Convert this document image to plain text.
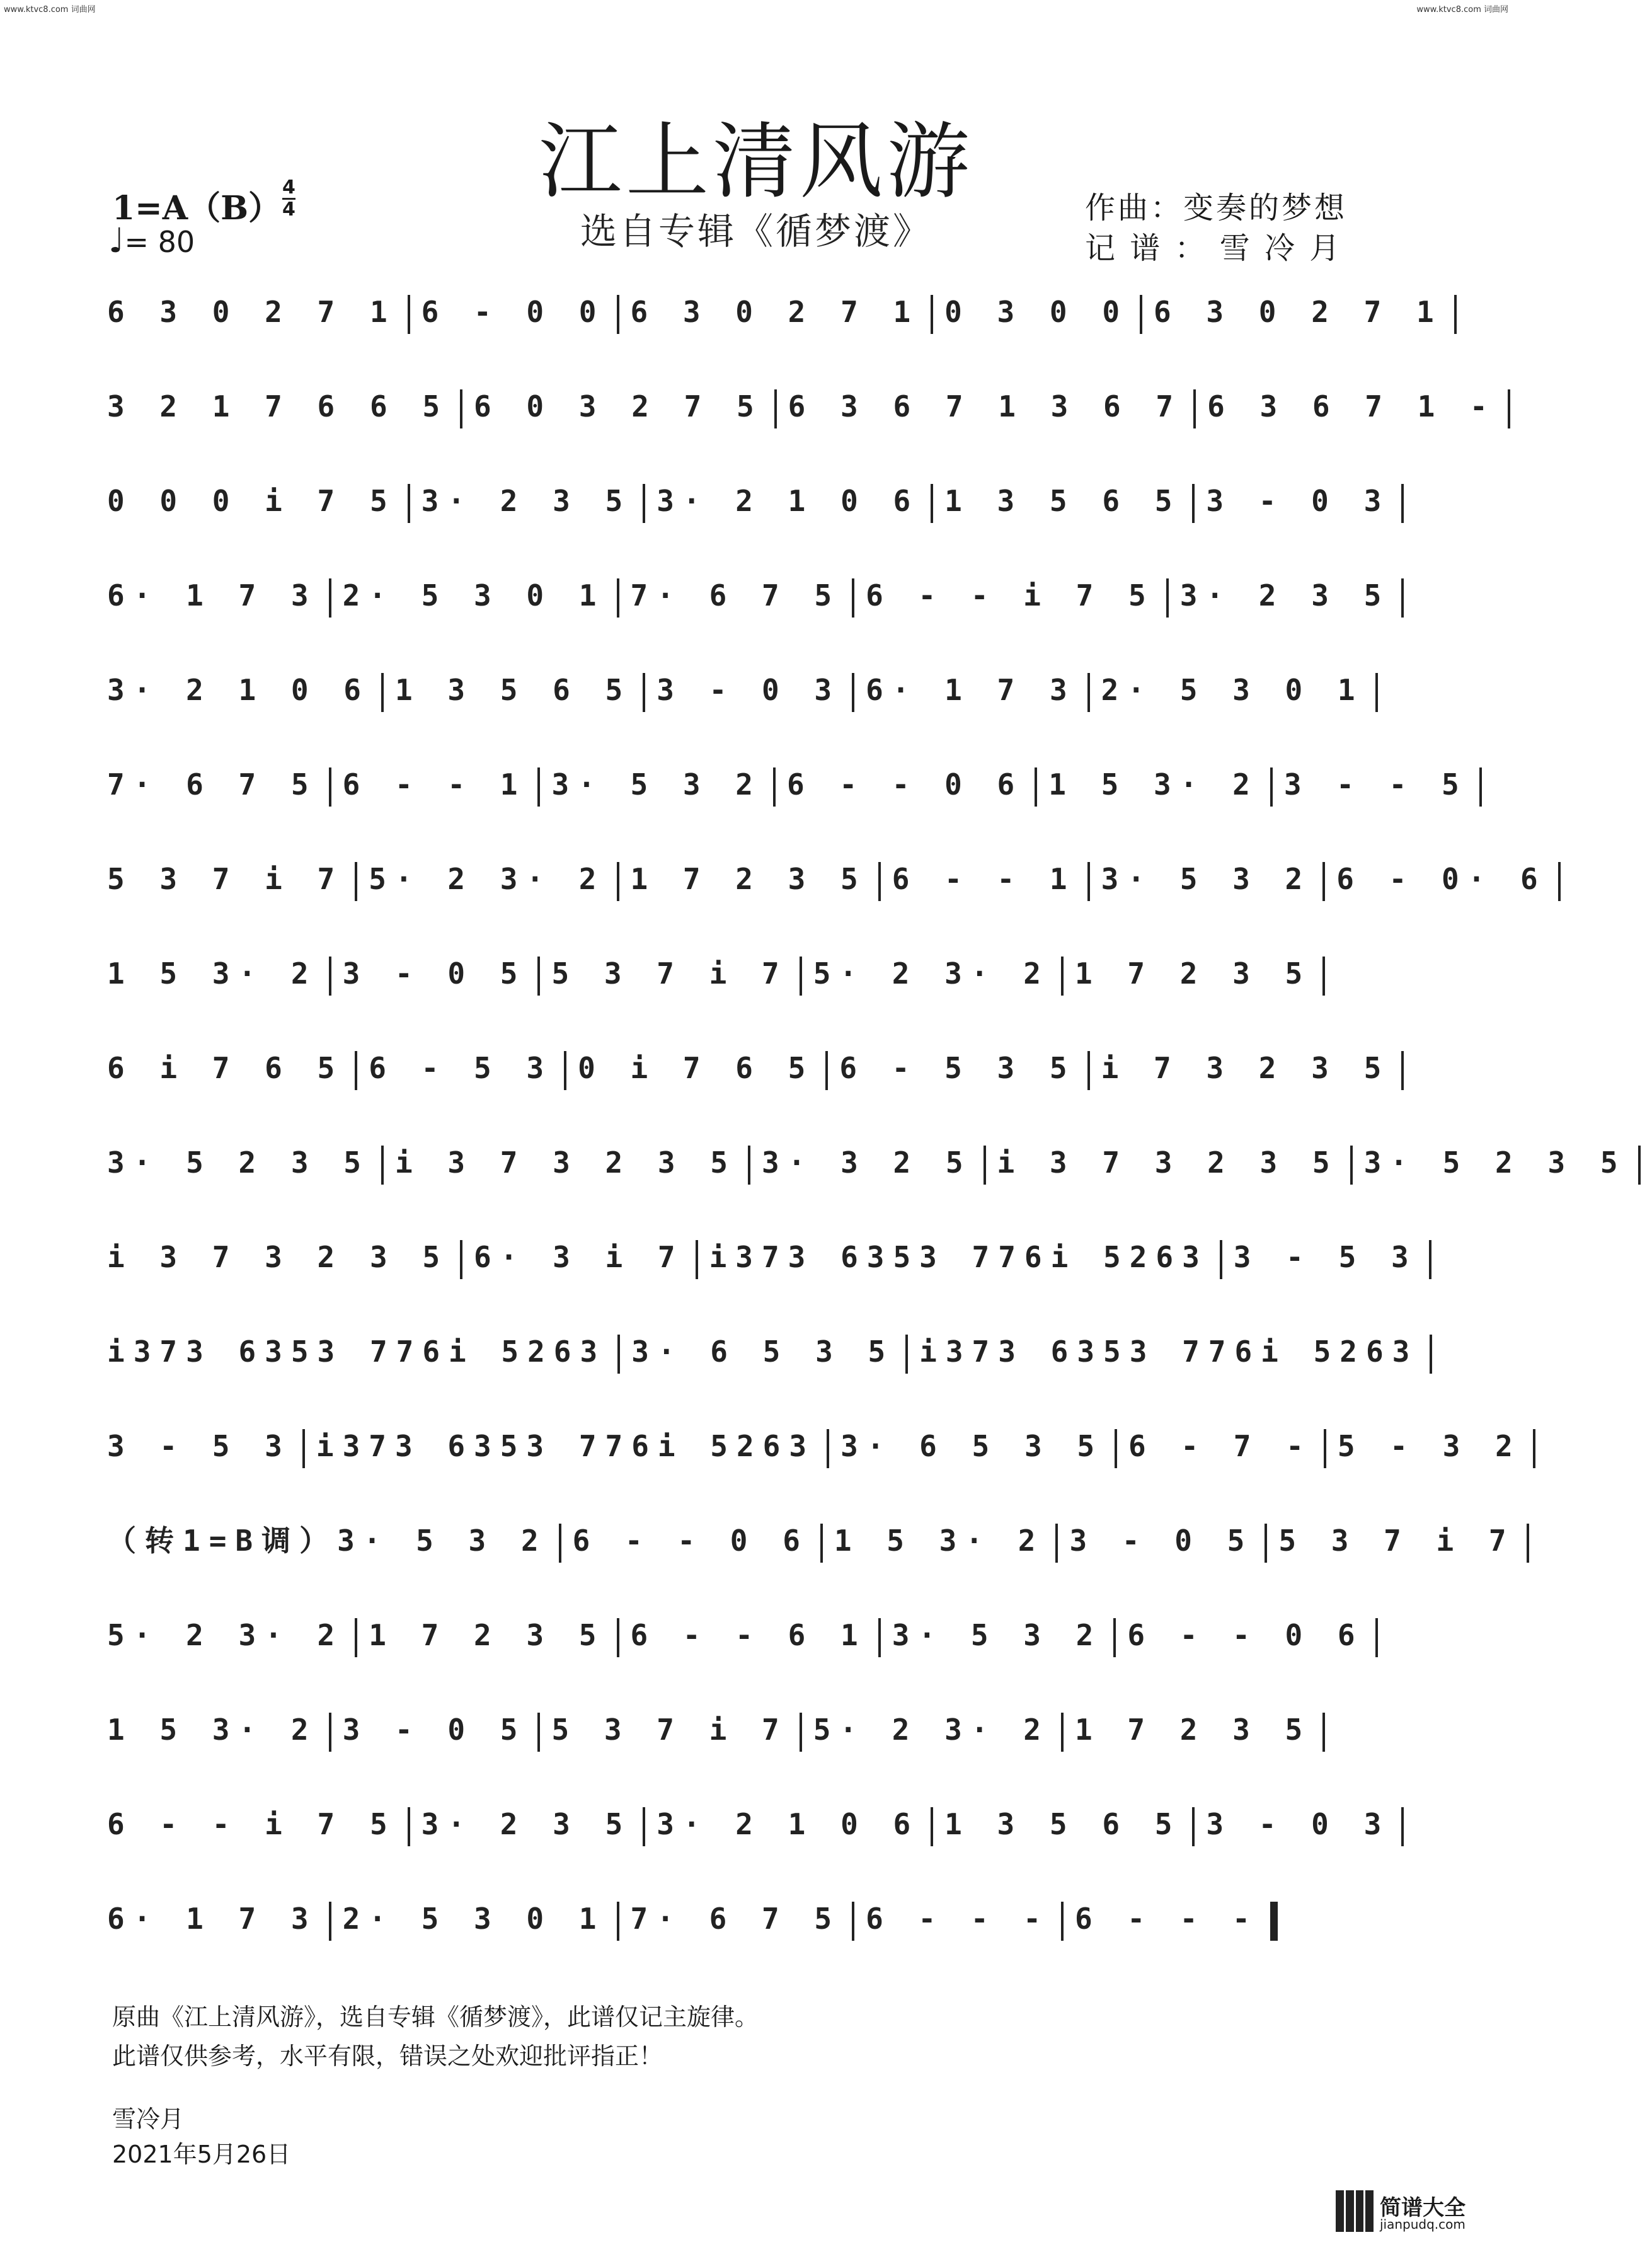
www.ktvc8.com 词曲网	www.ktvc8.com 词曲网
江上清风游
选自专辑《循梦渡》
1=A（B）
4
4
♩= 80
作曲：变奏的梦想
记 谱 ： 雪 冷 月
6 3 0 2 7 1 6 - 0 0 6 3 0 2 7 1 0 3 0 0 6 3 0 2 7 1
3 2 1 7 6 6 5 6 0 3 2 7 5 6 3 6 7 1 3 6 7 6 3 6 7 1 -
0 0 0 i 7 5 3· 2 3 5 3· 2 1 0 6 1 3 5 6 5 3 - 0 3
6· 1 7 3 2· 5 3 0 1 7· 6 7 5 6 - - i 7 5 3· 2 3 5
3· 2 1 0 6 1 3 5 6 5 3 - 0 3 6· 1 7 3 2· 5 3 0 1
7· 6 7 5 6 - - 1 3· 5 3 2 6 - - 0 6 1 5 3· 2 3 - - 5
5 3 7 i 7 5· 2 3· 2 1 7 2 3 5 6 - - 1 3· 5 3 2 6 - 0· 6
1 5 3· 2 3 - 0 5 5 3 7 i 7 5· 2 3· 2 1 7 2 3 5
6 i 7 6 5 6 - 5 3 0 i 7 6 5 6 - 5 3 5 i 7 3 2 3 5
3· 5 2 3 5 i 3 7 3 2 3 5 3· 3 2 5 i 3 7 3 2 3 5 3· 5 2 3 5
i 3 7 3 2 3 5 6· 3 i 7 i373 6353 776i 5263 3 - 5 3
i373 6353 776i 5263 3· 6 5 3 5 i373 6353 776i 5263
3 - 5 3 i373 6353 776i 5263 3· 6 5 3 5 6 - 7 - 5 - 3 2
（转1=B调）3· 5 3 2 6 - - 0 6 1 5 3· 2 3 - 0 5 5 3 7 i 7
5· 2 3· 2 1 7 2 3 5 6 - - 6 1 3· 5 3 2 6 - - 0 6
1 5 3· 2 3 - 0 5 5 3 7 i 7 5· 2 3· 2 1 7 2 3 5
6 - - i 7 5 3· 2 3 5 3· 2 1 0 6 1 3 5 6 5 3 - 0 3
6· 1 7 3 2· 5 3 0 1 7· 6 7 5 6 - - - 6 - - -
原曲《江上清风游》，选自专辑《循梦渡》，此谱仅记主旋律。
此谱仅供参考，水平有限，错误之处欢迎批评指正！
雪冷月
2021年5月26日
简谱大全
jianpudq.com
